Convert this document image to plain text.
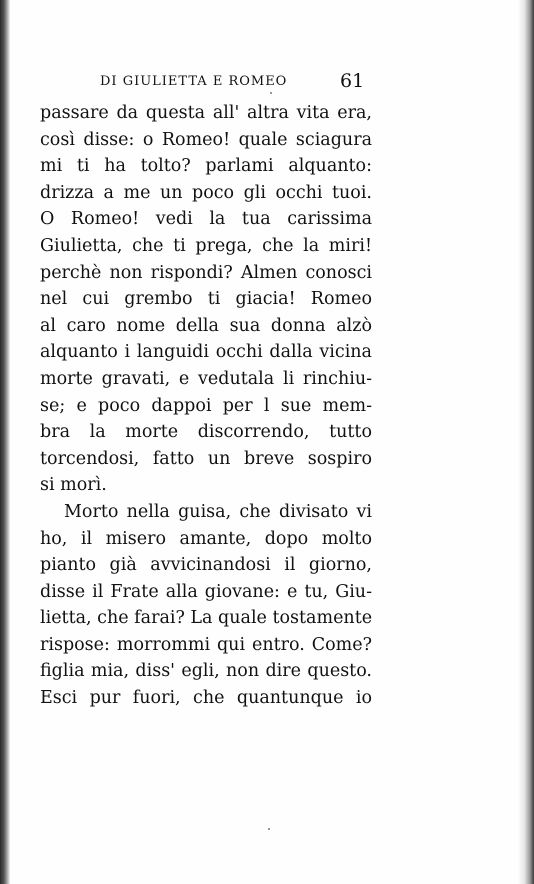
DI GIULIETTA E ROMEO	61
passare da questa all' altra vita era,
così disse: o Romeo! quale sciagura
mi ti ha tolto? parlami alquanto:
drizza a me un poco gli occhi tuoi.
O Romeo! vedi la tua carissima
Giulietta, che ti prega, che la miri!
perchè non rispondi? Almen conosci
nel cui grembo ti giacia! Romeo
al caro nome della sua donna alzò
alquanto i languidi occhi dalla vicina
morte gravati, e vedutala li rinchiu-
se; e poco dappoi per l sue mem-
bra la morte discorrendo, tutto
torcendosi, fatto un breve sospiro
si morì.
Morto nella guisa, che divisato vi
ho, il misero amante, dopo molto
pianto già avvicinandosi il giorno,
disse il Frate alla giovane: e tu, Giu-
lietta, che farai? La quale tostamente
rispose: morrommi qui entro. Come?
figlia mia, diss' egli, non dire questo.
Esci pur fuori, che quantunque io
